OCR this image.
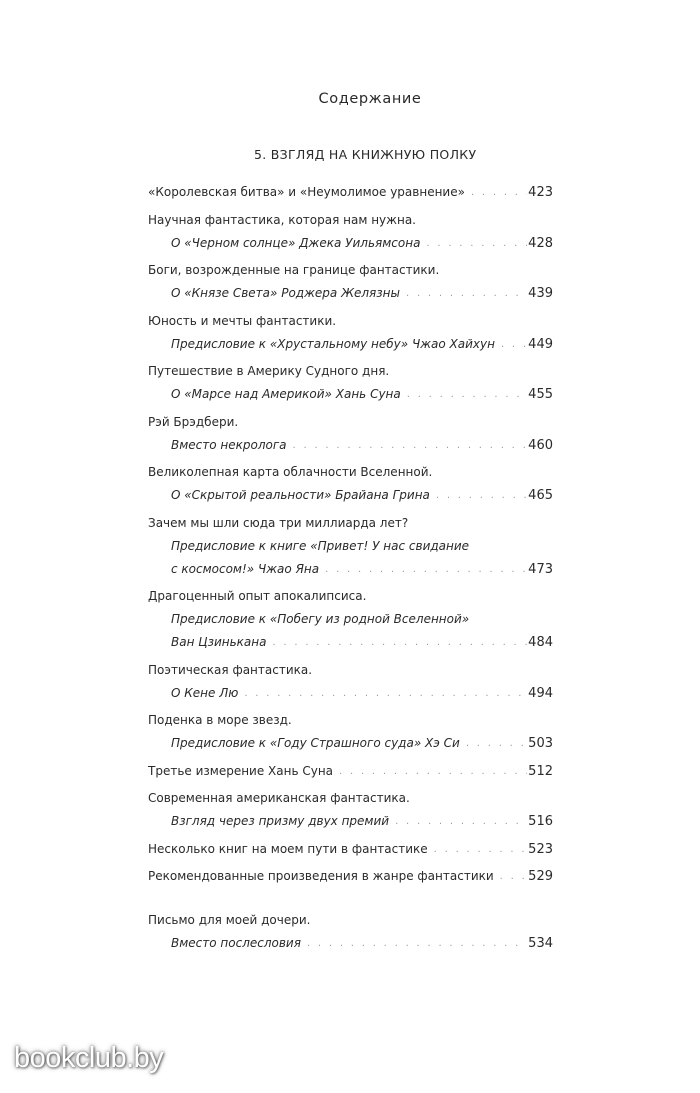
Содержание
5. ВЗГЛЯД НА КНИЖНУЮ ПОЛКУ
«Королевская битва» и «Неумолимое уравнение» . . .	423
Научная фантастика, которая нам нужна.
О «Черном солнце» Джека Уильямсона . . .	428
Боги, возрожденные на границе фантастики.
О «Князе Света» Роджера Желязны . . .	439
Юность и мечты фантастики.
Предисловие к «Хрустальному небу» Чжао Хайхун . . .	449
Путешествие в Америку Судного дня.
О «Марсе над Америкой» Хань Суна . . .	455
Рэй Брэдбери.
Вместо некролога . . .	460
Великолепная карта облачности Вселенной.
О «Скрытой реальности» Брайана Грина . . .	465
Зачем мы шли сюда три миллиарда лет?
Предисловие к книге «Привет! У нас свидание
с космосом!» Чжао Яна . . .	473
Драгоценный опыт апокалипсиса.
Предисловие к «Побегу из родной Вселенной»
Ван Цзинькана . . .	484
Поэтическая фантастика.
О Кене Лю . . .	494
Поденка в море звезд.
Предисловие к «Году Страшного суда» Хэ Си . . .	503
Третье измерение Хань Суна . . .	512
Современная американская фантастика.
Взгляд через призму двух премий . . .	516
Несколько книг на моем пути в фантастике . . .	523
Рекомендованные произведения в жанре фантастики . . .	529
Письмо для моей дочери.
Вместо послесловия . . .	534
bookclub.by
